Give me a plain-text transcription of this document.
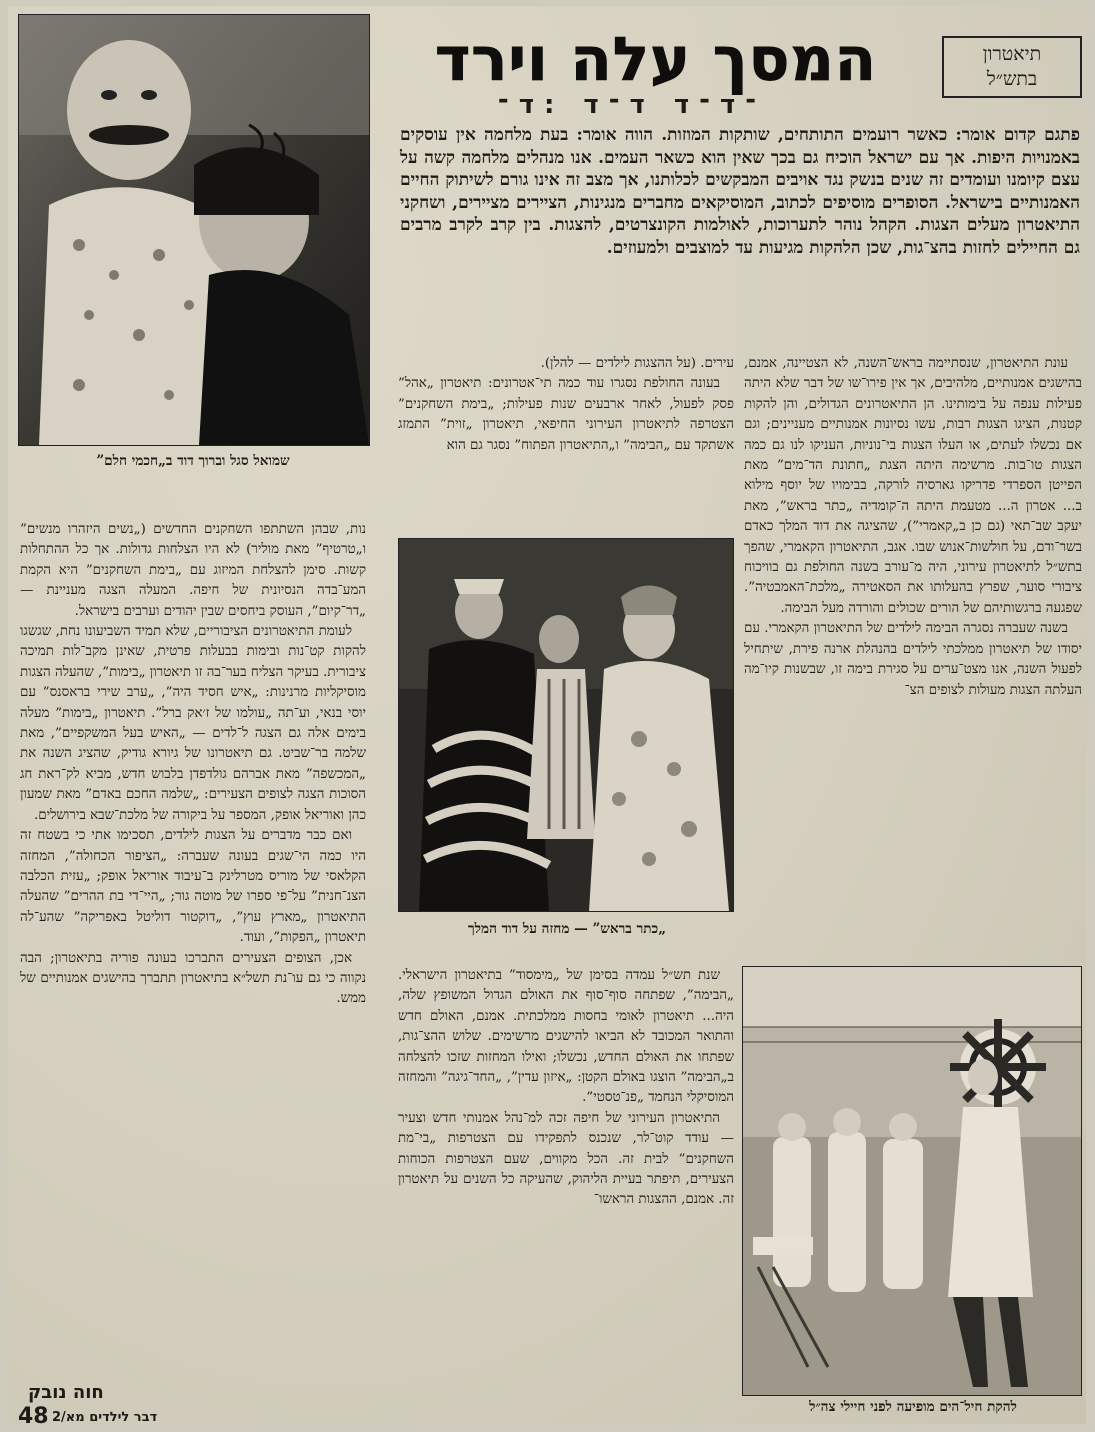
תיאטרון
בתש״ל
המסך עלה וירד
־ד־ד ד־ד :ד־
פתגם קדום אומר: כאשר רועמים התותחים, שותקות המוזות. הווה אומר: בעת מלחמה אין עוסקים באמנויות היפות. אך עם ישראל הוכיח גם בכך שאין הוא כשאר העמים. אנו מנהלים מלחמה קשה על עצם קיומנו ועומדים זה שנים בנשק נגד אויבים המבקשים לכלותנו, אך מצב זה אינו גורם לשיתוק החיים האמנותיים בישראל. הסופרים מוסיפים לכתוב, המוסיקאים מחברים מנגינות, הציירים מציירים, ושחקני התיאטרון מעלים הצגות. הקהל נוהר לתערוכות, לאולמות הקונצרטים, להצגות. בין קרב לקרב מרבים גם החיילים לחזות בהצ־גות, שכן הלהקות מגיעות עד למוצבים ולמעוזים.
שמואל סגל וברוך דוד ב„חכמי חלם”

עונת התיאטרון, שנסתיימה בראש־השנה, לא הצטיינה, אמנם, בהישגים אמנותיים, מלהיבים, אך אין פירו־שו של דבר שלא היתה פעילות ענפה על בימותינו. הן התיאטרונים הגדולים, והן להקות קטנות, הציגו הצגות רבות, עשו נסיונות אמנותיים מעניינים; וגם אם נכשלו לעתים, או העלו הצגות בי־נוניות, העניקו לנו גם כמה הצגות טו־בות. מרשימה היתה הצגת „חתונת הד־מים” מאת הפייטן הספרדי פדריקו גארסיה לורקה, בבימויו של יוסף מילוא ב... אטרון ה... מטעמת היתה ה־קומדיה „כתר בראש”, מאת יעקב שב־תאי (גם כן ב„קאמרי”), שהציגה את דוד המלך כאדם בשר־ודם, על חולשות־אנוש שבו. אגב, התיאטרון הקאמרי, שהפך בתש״ל לתיאטרון עירוני, היה מ־עורב בשנה החולפת גם בוויכוח ציבורי סוער, שפרץ בהעלותו את הסאטירה „מלכת־האמבטיה”. שפגעה ברגשותיהם של הורים שכולים והורדה מעל הבימה.

בשנה שעברה נסגרה הבימה לילדים של התיאטרון הקאמרי. עם יסודו של תיאטרון ממלכתי לילדים בהנהלת ארנה פירת, שיתחיל לפעול השנה, אנו מצט־ערים על סגירת בימה זו, שבשנות קיו־מה העלתה הצגות מעולות לצופים הצ־

עירים. (על ההצגות לילדים — להלן).

בעונה החולפת נסגרו עוד כמה תי־אטרונים: תיאטרון „אהל” פסק לפעול, לאחר ארבעים שנות פעילות; „בימת השחקנים” הצטרפה לתיאטרון העירוני החיפאי, תיאטרון „זוית” התמזג אשתקד עם „הבימה” ו„התיאטרון הפתוח” נסגר גם הוא

„כתר בראש” — מחזה על דוד המלך

שנת תש״ל עמדה בסימן של „מימסוד” בתיאטרון הישראלי. „הבימה”, שפתחה סוף־סוף את האולם הגדול המשופץ שלה, היה... תיאטרון לאומי בחסות ממלכתית. אמנם, האולם חדש והתואר המכובד לא הביאו להישגים מרשימים. שלוש ההצ־גות, שפתחו את האולם החדש, נכשלו; ואילו המחזות שזכו להצלחה ב„הבימה” הוצגו באולם הקטן: „איזון עדין”, „החד־גיגה” והמחזה המוסיקלי הנחמד „פנ־טסטי”.

התיאטרון העירוני של חיפה זכה למ־נהל אמנותי חדש וצעיר — עודד קוט־לר, שנכנס לתפקידו עם הצטרפות „בי־מת השחקנים” לבית זה. הכל מקווים, שעם הצטרפות הכוחות הצעירים, תיפתר בעיית הליהוק, שהעיקה כל השנים על תיאטרון זה. אמנם, ההצגות הראשו־

להקת חיל־הים מופיעה לפני חיילי צה״ל

נות, שבהן השתתפו השחקנים החדשים („נשים היזהרו מנשים” ו„טרטיף” מאת מוליר) לא היו הצלחות גדולות. אך כל ההתחלות קשות. סימן להצלחת המיזוג עם „בימת השחקנים” היא הקמת המע־בדה הנסיונית של חיפה. המעלה הצגה מעניינת — „דר־קיום”, העוסק ביחסים שבין יהודים וערבים בישראל.

לעומת התיאטרונים הציבוריים, שלא תמיד השביעונו נחת, שגשגו להקות קט־נות ובימות בבעלות פרטית, שאינן מקב־לות תמיכה ציבורית. בעיקר הצליח בער־בה זו תיאטרון „בימות”, שהעלה הצגות מוסיקליות מרנינות: „איש חסיד היה”, „ערב שירי בראסנס” עם יוסי בנאי, וע־תה „עולמו של ז׳אק ברל”. תיאטרון „בימות” מעלה בימים אלה גם הצגה ל־לדים — „האיש בעל המשקפיים”, מאת שלמה בר־שביט. גם תיאטרונו של גיורא גודיק, שהציג השנה את „המכשפה” מאת אברהם גולדפדן בלבוש חדש, מביא לק־ראת חג הסוכות הצגה לצופים הצעירים: „שלמה החכם באדם” מאת שמעון כהן ואוריאל אופק, המספר על ביקורה של מלכת־שבא בירושלים.

ואם כבר מדברים על הצגות לילדים, תסכימו אתי כי בשטח זה היו כמה הי־שגים בעונה שעברה: „הציפור הכחולה”, המחזה הקלאסי של מוריס מטרלינק ב־עיבוד אוריאל אופק; „עזית הכלבה הצנ־חנית” על־פי ספרו של מוטה גור; „היי־די בת ההרים” שהעלה התיאטרון „מארץ עוץ”, „דוקטור דוליטל באפריקה” שהע־לה תיאטרון „הפקות”, ועוד.

אכן, הצופים הצעירים התברכו בעונה פוריה בתיאטרון; הבה נקווה כי גם עו־נת תשל״א בתיאטרון תתברך בהישגים אמנותיים של ממש.

חוה נובק
48 דבר לילדים מא/2
